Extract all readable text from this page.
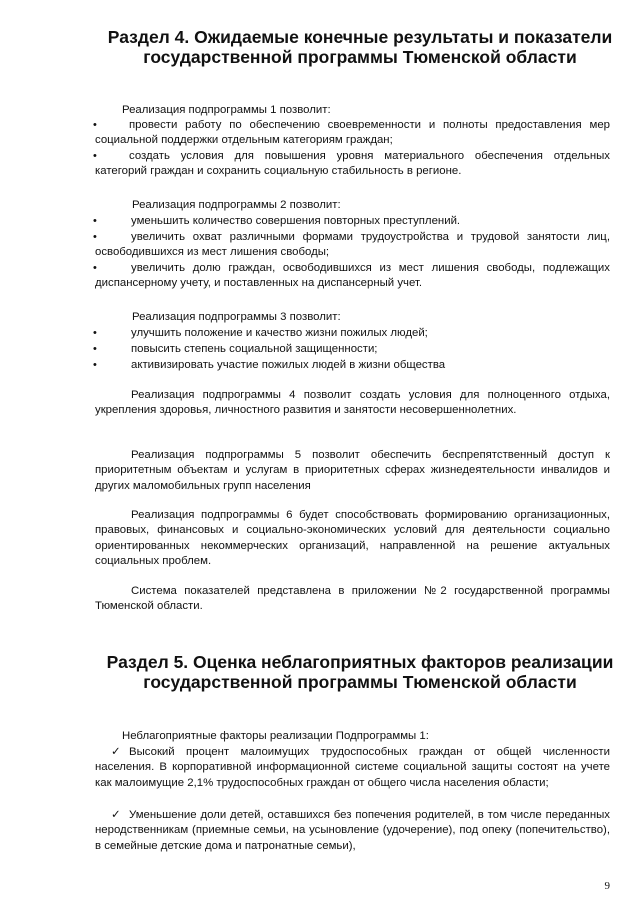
Раздел 4. Ожидаемые конечные результаты и показатели государственной программы Тюменской области

Реализация подпрограммы 1 позволит:

•	провести работу по обеспечению своевременности и полноты предоставления мер социальной поддержки отдельным категориям граждан;
•	создать условия для повышения уровня материального обеспечения отдельных категорий граждан и сохранить социальную стабильность в регионе.

Реализация подпрограммы 2 позволит:

•	уменьшить количество совершения повторных преступлений.
•	увеличить охват различными формами трудоустройства и трудовой занятости лиц, освободившихся из мест лишения свободы;
•	увеличить долю граждан, освободившихся из мест лишения свободы, подлежащих диспансерному учету, и поставленных на диспансерный учет.

Реализация подпрограммы 3 позволит:

•	улучшить положение и качество жизни пожилых людей;
•	повысить степень социальной защищенности;
•	активизировать участие пожилых людей в жизни общества

Реализация подпрограммы 4 позволит создать условия для полноценного отдыха, укрепления здоровья, личностного развития и занятости несовершеннолетних.

Реализация подпрограммы 5 позволит обеспечить беспрепятственный доступ к приоритетным объектам и услугам в приоритетных сферах жизнедеятельности инвалидов и других маломобильных групп населения

Реализация подпрограммы 6 будет способствовать формированию организационных, правовых, финансовых и социально-экономических условий для деятельности социально ориентированных некоммерческих организаций, направленной на решение актуальных социальных проблем.

Система показателей представлена в приложении №2 государственной программы Тюменской области.

Раздел 5. Оценка неблагоприятных факторов реализации государственной программы Тюменской области

Неблагоприятные факторы реализации Подпрограммы 1:

✓ Высокий процент малоимущих трудоспособных граждан от общей численности населения. В корпоративной информационной системе социальной защиты состоят на учете как малоимущие 2,1% трудоспособных граждан от общего числа населения области;
✓ Уменьшение доли детей, оставшихся без попечения родителей, в том числе переданных неродственникам (приемные семьи, на усыновление (удочерение), под опеку (попечительство), в семейные детские дома и патронатные семьи),
9
